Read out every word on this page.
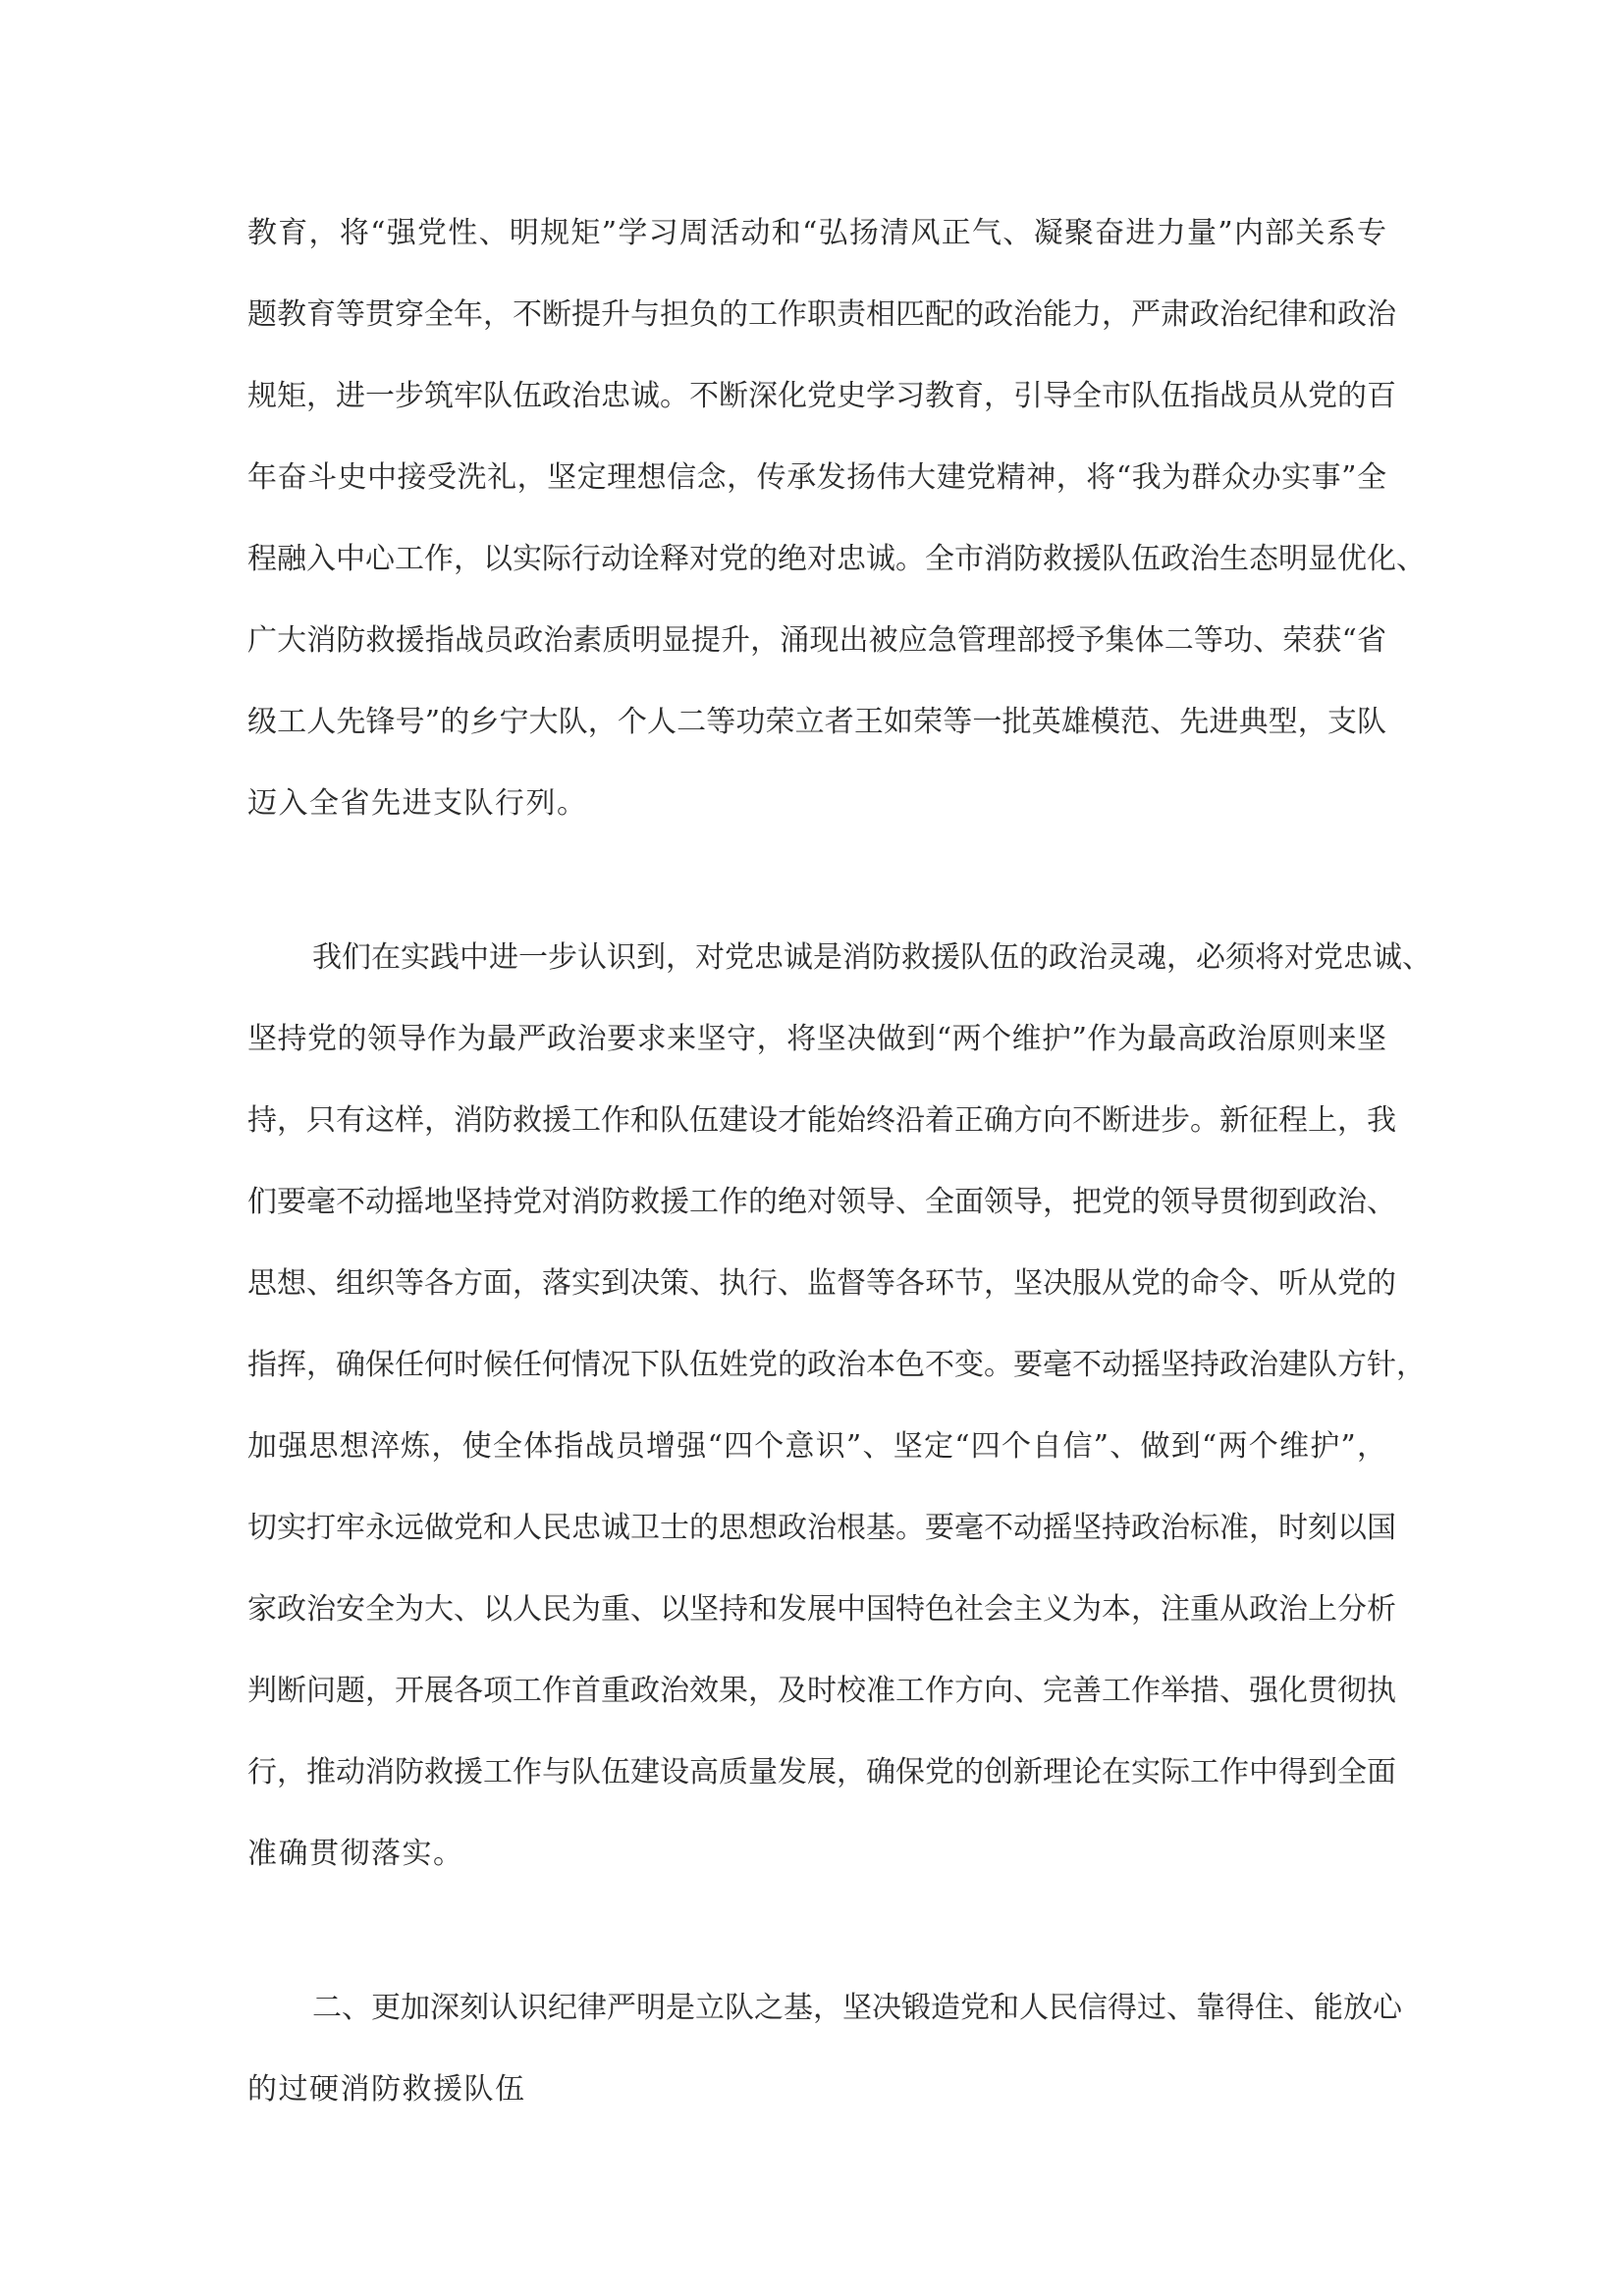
教育，将“强党性、明规矩”学习周活动和“弘扬清风正气、凝聚奋进力量”内部关系专

题教育等贯穿全年，不断提升与担负的工作职责相匹配的政治能力，严肃政治纪律和政治

规矩，进一步筑牢队伍政治忠诚。不断深化党史学习教育，引导全市队伍指战员从党的百

年奋斗史中接受洗礼，坚定理想信念，传承发扬伟大建党精神，将“我为群众办实事”全

程融入中心工作，以实际行动诠释对党的绝对忠诚。全市消防救援队伍政治生态明显优化、

广大消防救援指战员政治素质明显提升，涌现出被应急管理部授予集体二等功、荣获“省

级工人先锋号”的乡宁大队，个人二等功荣立者王如荣等一批英雄模范、先进典型，支队

迈入全省先进支队行列。

我们在实践中进一步认识到，对党忠诚是消防救援队伍的政治灵魂，必须将对党忠诚、

坚持党的领导作为最严政治要求来坚守，将坚决做到“两个维护”作为最高政治原则来坚

持，只有这样，消防救援工作和队伍建设才能始终沿着正确方向不断进步。新征程上，我

们要毫不动摇地坚持党对消防救援工作的绝对领导、全面领导，把党的领导贯彻到政治、

思想、组织等各方面，落实到决策、执行、监督等各环节，坚决服从党的命令、听从党的

指挥，确保任何时候任何情况下队伍姓党的政治本色不变。要毫不动摇坚持政治建队方针，

加强思想淬炼，使全体指战员增强“四个意识”、坚定“四个自信”、做到“两个维护”，

切实打牢永远做党和人民忠诚卫士的思想政治根基。要毫不动摇坚持政治标准，时刻以国

家政治安全为大、以人民为重、以坚持和发展中国特色社会主义为本，注重从政治上分析

判断问题，开展各项工作首重政治效果，及时校准工作方向、完善工作举措、强化贯彻执

行，推动消防救援工作与队伍建设高质量发展，确保党的创新理论在实际工作中得到全面

准确贯彻落实。

二、更加深刻认识纪律严明是立队之基，坚决锻造党和人民信得过、靠得住、能放心

的过硬消防救援队伍
